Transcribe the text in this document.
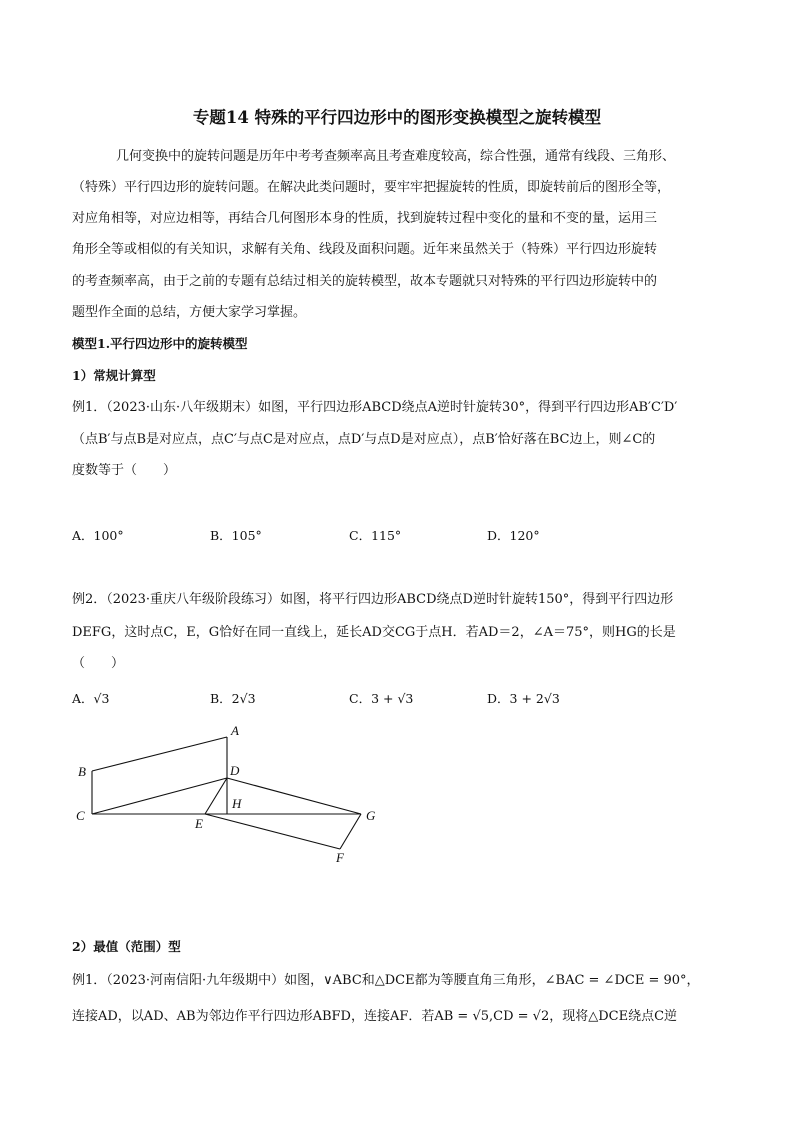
专题14 特殊的平行四边形中的图形变换模型之旋转模型
几何变换中的旋转问题是历年中考考查频率高且考查难度较高，综合性强，通常有线段、三角形、
（特殊）平行四边形的旋转问题。在解决此类问题时，要牢牢把握旋转的性质，即旋转前后的图形全等，
对应角相等，对应边相等，再结合几何图形本身的性质，找到旋转过程中变化的量和不变的量，运用三
角形全等或相似的有关知识，求解有关角、线段及面积问题。近年来虽然关于（特殊）平行四边形旋转
的考查频率高，由于之前的专题有总结过相关的旋转模型，故本专题就只对特殊的平行四边形旋转中的
题型作全面的总结，方便大家学习掌握。
模型1.平行四边形中的旋转模型
1）常规计算型
例1．（2023·山东·八年级期末）如图，平行四边形ABCD绕点A逆时针旋转30°，得到平行四边形AB′C′D′
（点B′与点B是对应点，点C′与点C是对应点，点D′与点D是对应点），点B′恰好落在BC边上，则∠C的
度数等于（　　）
A．100°	B．105°	C．115°	D．120°
例2．（2023·重庆八年级阶段练习）如图，将平行四边形ABCD绕点D逆时针旋转150°，得到平行四边形
DEFG，这时点C，E，G恰好在同一直线上，延长AD交CG于点H．若AD＝2，∠A＝75°，则HG的长是
（　　）
A．√3	B．2√3	C．3 + √3	D．3 + 2√3
A
B
C
D
E
F
G
H
2）最值（范围）型
例1．（2023·河南信阳·九年级期中）如图，∨ABC和△DCE都为等腰直角三角形，∠BAC = ∠DCE = 90°，
连接AD，以AD、AB为邻边作平行四边形ABFD，连接AF．若AB = √5,CD = √2，现将△DCE绕点C逆
